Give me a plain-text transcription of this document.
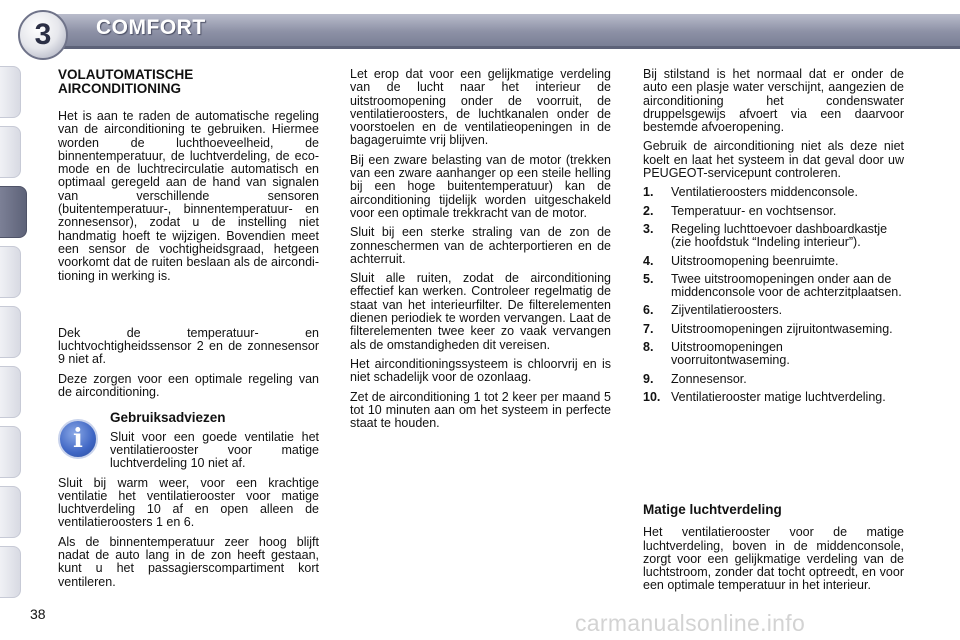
3	COMFORT
VOLAUTOMATISCHE AIRCONDITIONING

Het is aan te raden de automatische regeling van de airconditioning te gebruiken. Hiermee worden de luchthoeveelheid, de binnentemperatuur, de luchtverdeling, de eco-mode en de luchtrecirculatie automatisch en optimaal geregeld aan de hand van signalen van verschillende sensoren (buitentemperatuur-, binnentemperatuur- en zonnesensor), zodat u de instelling niet handmatig hoeft te wijzigen. Bovendien meet een sensor de vochtigheidsgraad, hetgeen voorkomt dat de ruiten beslaan als de airconditioning in werking is.

Dek de temperatuur- en luchtvochtigheidssensor 2 en de zonnesensor 9 niet af.

Deze zorgen voor een optimale regeling van de airconditioning.

i
Gebruiksadviezen

Sluit voor een goede ventilatie het ventilatierooster voor matige luchtverdeling 10 niet af.

Sluit bij warm weer, voor een krachtige ventilatie het ventilatierooster voor matige luchtverdeling 10 af en open alleen de ventilatieroosters 1 en 6.

Als de binnentemperatuur zeer hoog blijft nadat de auto lang in de zon heeft gestaan, kunt u het passagierscompartiment kort ventileren.

Let erop dat voor een gelijkmatige verdeling van de lucht naar het interieur de uitstroomopening onder de voorruit, de ventilatieroosters, de luchtkanalen onder de voorstoelen en de ventilatieopeningen in de bagageruimte vrij blijven.

Bij een zware belasting van de motor (trekken van een zware aanhanger op een steile helling bij een hoge buitentemperatuur) kan de airconditioning tijdelijk worden uitgeschakeld voor een optimale trekkracht van de motor.

Sluit bij een sterke straling van de zon de zonneschermen van de achterportieren en de achterruit.

Sluit alle ruiten, zodat de airconditioning effectief kan werken. Controleer regelmatig de staat van het interieurfilter. De filterelementen dienen periodiek te worden vervangen. Laat de filterelementen twee keer zo vaak vervangen als de omstandigheden dit vereisen.

Het airconditioningssysteem is chloorvrij en is niet schadelijk voor de ozonlaag.

Zet de airconditioning 1 tot 2 keer per maand 5 tot 10 minuten aan om het systeem in perfecte staat te houden.

Bij stilstand is het normaal dat er onder de auto een plasje water verschijnt, aangezien de airconditioning het condenswater druppelsgewijs afvoert via een daarvoor bestemde afvoeropening.

Gebruik de airconditioning niet als deze niet koelt en laat het systeem in dat geval door uw PEUGEOT-servicepunt controleren.

1. Ventilatieroosters middenconsole.
2. Temperatuur- en vochtsensor.
3. Regeling luchttoevoer dashboardkastje (zie hoofdstuk “Indeling interieur”).
4. Uitstroomopening beenruimte.
5. Twee uitstroomopeningen onder aan de middenconsole voor de achterzitplaatsen.
6. Zijventilatieroosters.
7. Uitstroomopeningen zijruitontwaseming.
8. Uitstroomopeningen voorruitontwaseming.
9. Zonnesensor.
10. Ventilatierooster matige luchtverdeling.
Matige luchtverdeling

Het ventilatierooster voor de matige luchtverdeling, boven in de middenconsole, zorgt voor een gelijkmatige verdeling van de luchtstroom, zonder dat tocht optreedt, en voor een optimale temperatuur in het interieur.

38	carmanualsonline.info
